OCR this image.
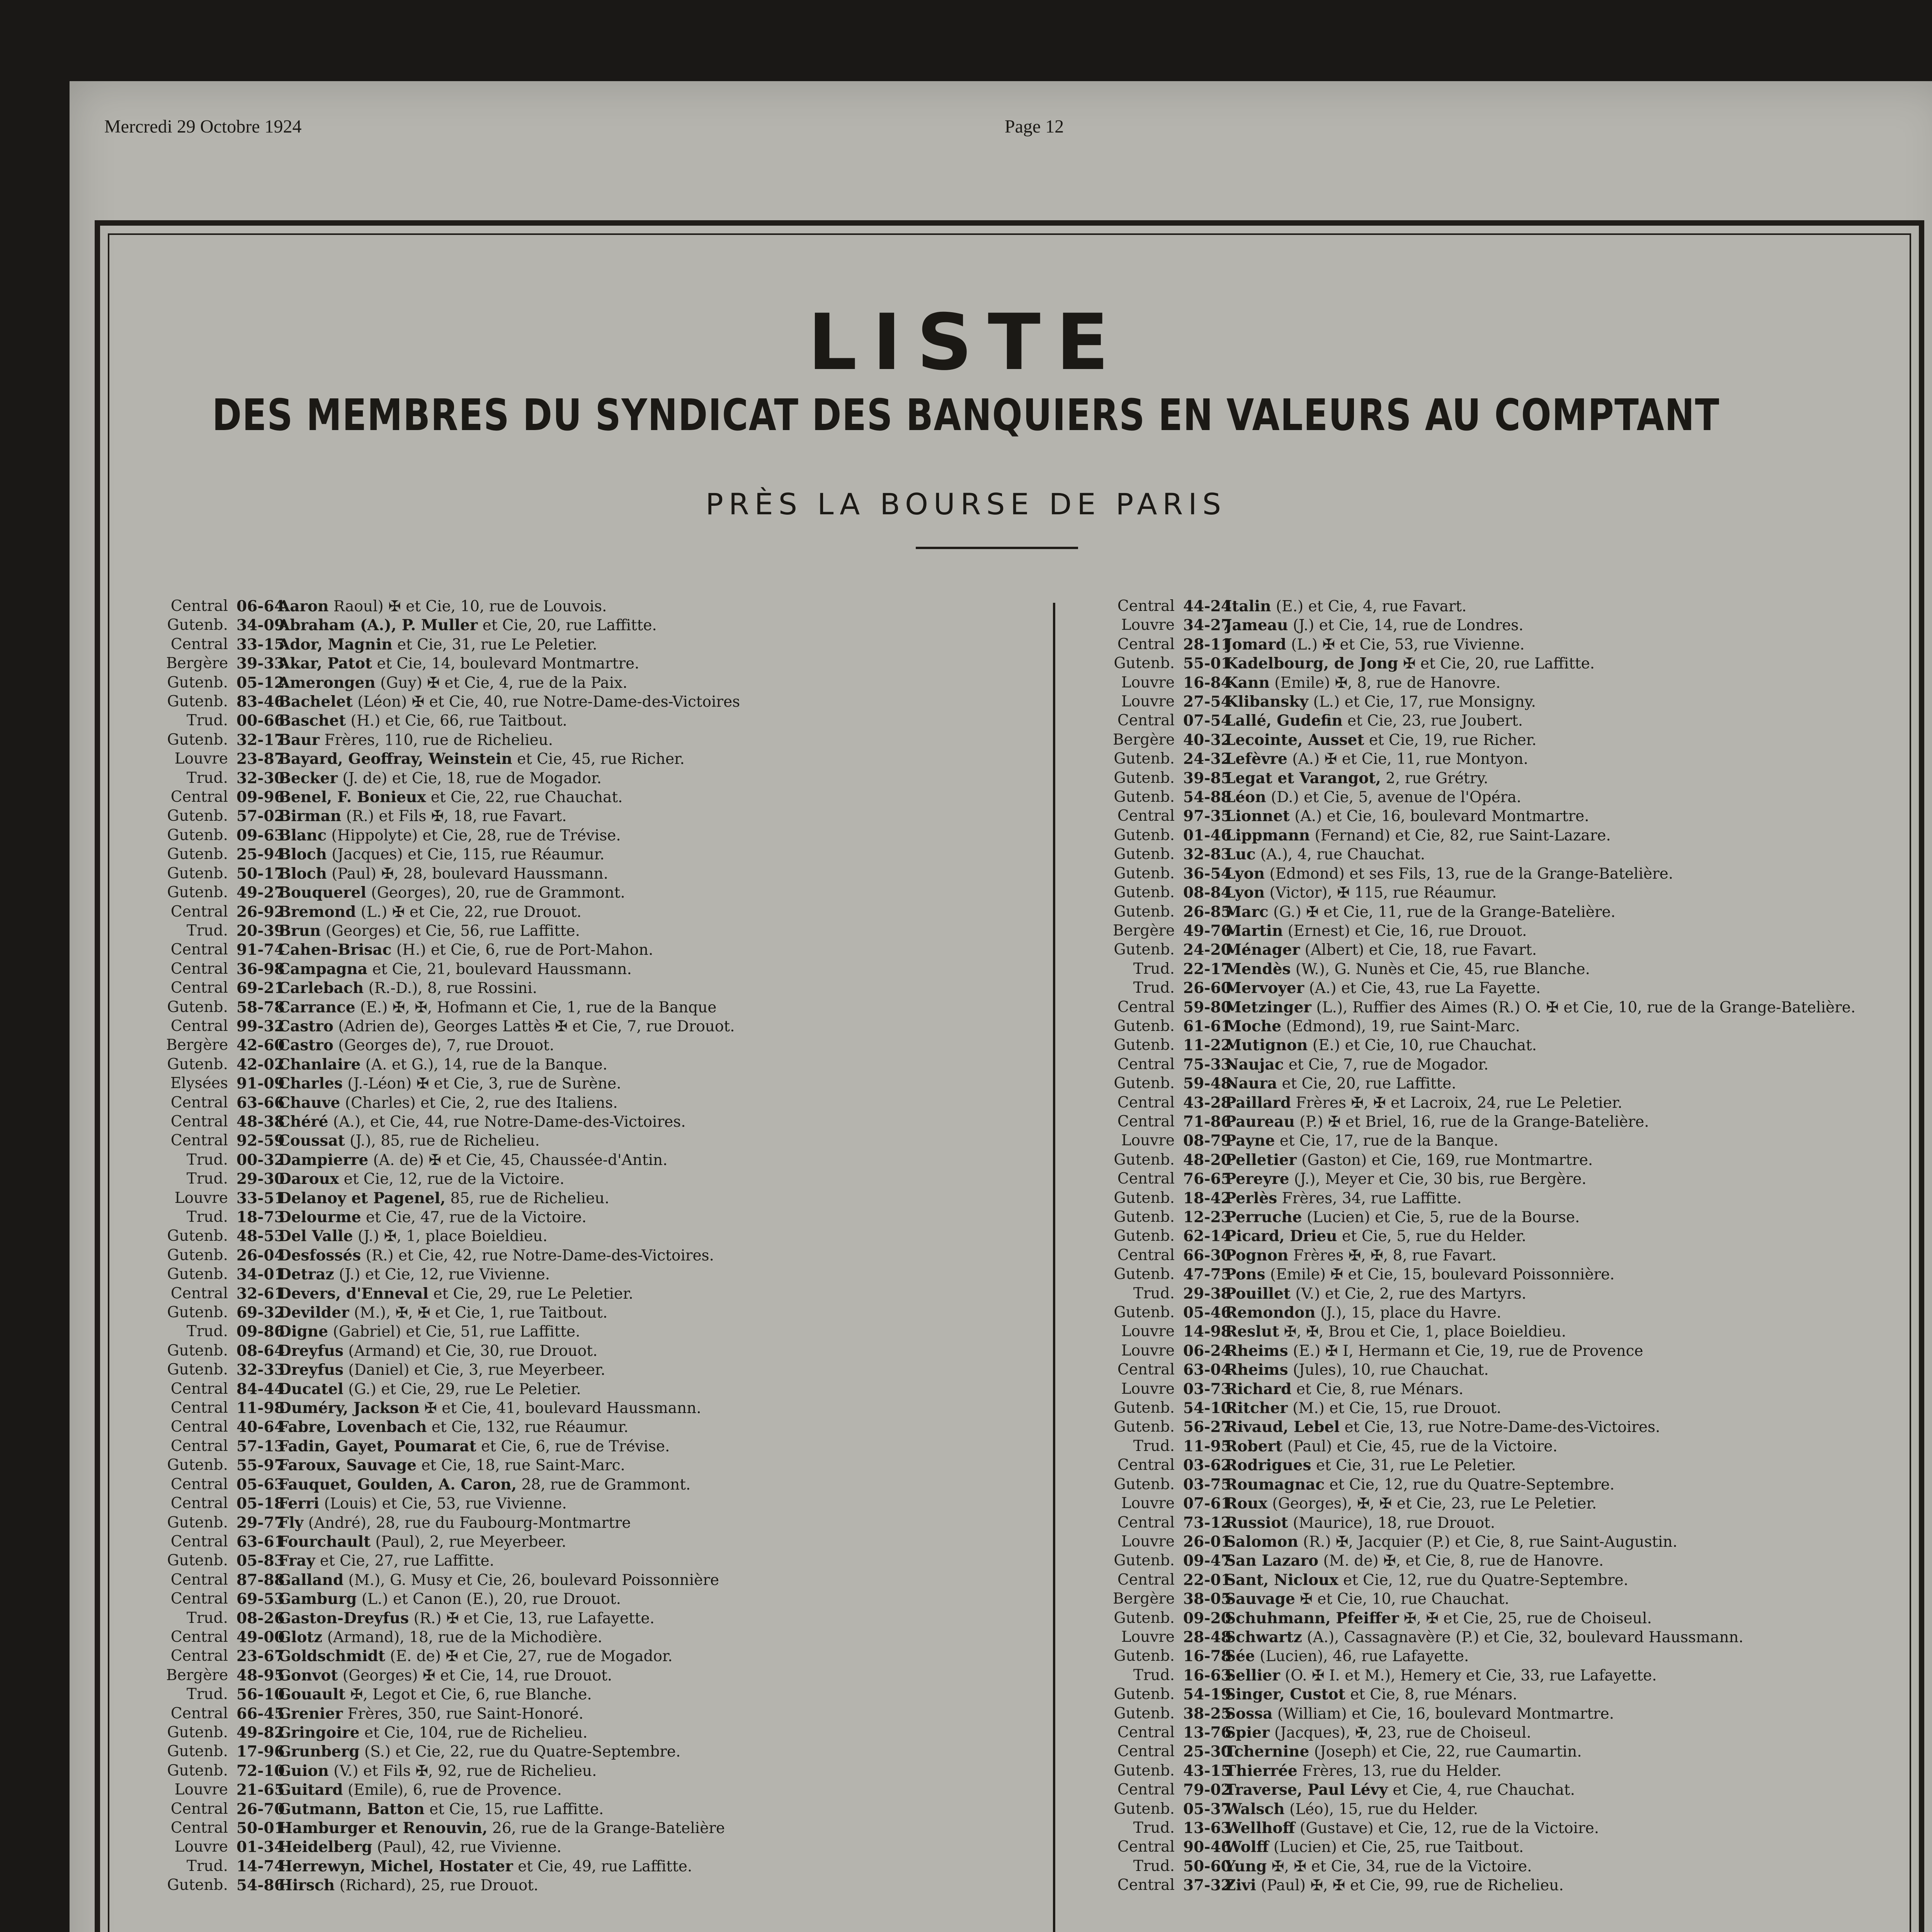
Mercredi 29 Octobre 1924	Page 12
LISTE
DES MEMBRES DU SYNDICAT DES BANQUIERS EN VALEURS AU COMPTANT
PRÈS LA BOURSE DE PARIS
Central 06-64
Aaron Raoul) ✠ et Cie, 10, rue de Louvois.
Gutenb. 34-09
Abraham (A.), P. Muller et Cie, 20, rue Laffitte.
Central 33-15
Ador, Magnin et Cie, 31, rue Le Peletier.
Bergère 39-33
Akar, Patot et Cie, 14, boulevard Montmartre.
Gutenb. 05-12
Amerongen (Guy) ✠ et Cie, 4, rue de la Paix.
Gutenb. 83-46
Bachelet (Léon) ✠ et Cie, 40, rue Notre-Dame-des-Victoires
Trud. 00-66
Baschet (H.) et Cie, 66, rue Taitbout.
Gutenb. 32-17
Baur Frères, 110, rue de Richelieu.
Louvre 23-87
Bayard, Geoffray, Weinstein et Cie, 45, rue Richer.
Trud. 32-30
Becker (J. de) et Cie, 18, rue de Mogador.
Central 09-96
Benel, F. Bonieux et Cie, 22, rue Chauchat.
Gutenb. 57-02
Birman (R.) et Fils ✠, 18, rue Favart.
Gutenb. 09-63
Blanc (Hippolyte) et Cie, 28, rue de Trévise.
Gutenb. 25-94
Bloch (Jacques) et Cie, 115, rue Réaumur.
Gutenb. 50-17
Bloch (Paul) ✠, 28, boulevard Haussmann.
Gutenb. 49-27
Bouquerel (Georges), 20, rue de Grammont.
Central 26-92
Bremond (L.) ✠ et Cie, 22, rue Drouot.
Trud. 20-39
Brun (Georges) et Cie, 56, rue Laffitte.
Central 91-74
Cahen-Brisac (H.) et Cie, 6, rue de Port-Mahon.
Central 36-98
Campagna et Cie, 21, boulevard Haussmann.
Central 69-21
Carlebach (R.-D.), 8, rue Rossini.
Gutenb. 58-78
Carrance (E.) ✠, ✠, Hofmann et Cie, 1, rue de la Banque
Central 99-32
Castro (Adrien de), Georges Lattès ✠ et Cie, 7, rue Drouot.
Bergère 42-60
Castro (Georges de), 7, rue Drouot.
Gutenb. 42-02
Chanlaire (A. et G.), 14, rue de la Banque.
Elysées 91-09
Charles (J.-Léon) ✠ et Cie, 3, rue de Surène.
Central 63-66
Chauve (Charles) et Cie, 2, rue des Italiens.
Central 48-38
Chéré (A.), et Cie, 44, rue Notre-Dame-des-Victoires.
Central 92-59
Coussat (J.), 85, rue de Richelieu.
Trud. 00-32
Dampierre (A. de) ✠ et Cie, 45, Chaussée-d'Antin.
Trud. 29-30
Daroux et Cie, 12, rue de la Victoire.
Louvre 33-51
Delanoy et Pagenel, 85, rue de Richelieu.
Trud. 18-73
Delourme et Cie, 47, rue de la Victoire.
Gutenb. 48-53
Del Valle (J.) ✠, 1, place Boieldieu.
Gutenb. 26-04
Desfossés (R.) et Cie, 42, rue Notre-Dame-des-Victoires.
Gutenb. 34-01
Detraz (J.) et Cie, 12, rue Vivienne.
Central 32-61
Devers, d'Enneval et Cie, 29, rue Le Peletier.
Gutenb. 69-32
Devilder (M.), ✠, ✠ et Cie, 1, rue Taitbout.
Trud. 09-86
Digne (Gabriel) et Cie, 51, rue Laffitte.
Gutenb. 08-64
Dreyfus (Armand) et Cie, 30, rue Drouot.
Gutenb. 32-33
Dreyfus (Daniel) et Cie, 3, rue Meyerbeer.
Central 84-44
Ducatel (G.) et Cie, 29, rue Le Peletier.
Central 11-98
Duméry, Jackson ✠ et Cie, 41, boulevard Haussmann.
Central 40-64
Fabre, Lovenbach et Cie, 132, rue Réaumur.
Central 57-13
Fadin, Gayet, Poumarat et Cie, 6, rue de Trévise.
Gutenb. 55-97
Faroux, Sauvage et Cie, 18, rue Saint-Marc.
Central 05-63
Fauquet, Goulden, A. Caron, 28, rue de Grammont.
Central 05-18
Ferri (Louis) et Cie, 53, rue Vivienne.
Gutenb. 29-77
Fly (André), 28, rue du Faubourg-Montmartre
Central 63-61
Fourchault (Paul), 2, rue Meyerbeer.
Gutenb. 05-83
Fray et Cie, 27, rue Laffitte.
Central 87-88
Galland (M.), G. Musy et Cie, 26, boulevard Poissonnière
Central 69-53
Gamburg (L.) et Canon (E.), 20, rue Drouot.
Trud. 08-26
Gaston-Dreyfus (R.) ✠ et Cie, 13, rue Lafayette.
Central 49-00
Glotz (Armand), 18, rue de la Michodière.
Central 23-67
Goldschmidt (E. de) ✠ et Cie, 27, rue de Mogador.
Bergère 48-95
Gonvot (Georges) ✠ et Cie, 14, rue Drouot.
Trud. 56-10
Gouault ✠, Legot et Cie, 6, rue Blanche.
Central 66-45
Grenier Frères, 350, rue Saint-Honoré.
Gutenb. 49-82
Gringoire et Cie, 104, rue de Richelieu.
Gutenb. 17-96
Grunberg (S.) et Cie, 22, rue du Quatre-Septembre.
Gutenb. 72-10
Guion (V.) et Fils ✠, 92, rue de Richelieu.
Louvre 21-65
Guitard (Emile), 6, rue de Provence.
Central 26-70
Gutmann, Batton et Cie, 15, rue Laffitte.
Central 50-01
Hamburger et Renouvin, 26, rue de la Grange-Batelière
Louvre 01-34
Heidelberg (Paul), 42, rue Vivienne.
Trud. 14-74
Herrewyn, Michel, Hostater et Cie, 49, rue Laffitte.
Gutenb. 54-86
Hirsch (Richard), 25, rue Drouot.
Central 44-24
Italin (E.) et Cie, 4, rue Favart.
Louvre 34-27
Jameau (J.) et Cie, 14, rue de Londres.
Central 28-11
Jomard (L.) ✠ et Cie, 53, rue Vivienne.
Gutenb. 55-01
Kadelbourg, de Jong ✠ et Cie, 20, rue Laffitte.
Louvre 16-84
Kann (Emile) ✠, 8, rue de Hanovre.
Louvre 27-54
Klibansky (L.) et Cie, 17, rue Monsigny.
Central 07-54
Lallé, Gudefin et Cie, 23, rue Joubert.
Bergère 40-32
Lecointe, Ausset et Cie, 19, rue Richer.
Gutenb. 24-32
Lefèvre (A.) ✠ et Cie, 11, rue Montyon.
Gutenb. 39-85
Legat et Varangot, 2, rue Grétry.
Gutenb. 54-88
Léon (D.) et Cie, 5, avenue de l'Opéra.
Central 97-35
Lionnet (A.) et Cie, 16, boulevard Montmartre.
Gutenb. 01-46
Lippmann (Fernand) et Cie, 82, rue Saint-Lazare.
Gutenb. 32-83
Luc (A.), 4, rue Chauchat.
Gutenb. 36-54
Lyon (Edmond) et ses Fils, 13, rue de la Grange-Batelière.
Gutenb. 08-84
Lyon (Victor), ✠ 115, rue Réaumur.
Gutenb. 26-85
Marc (G.) ✠ et Cie, 11, rue de la Grange-Batelière.
Bergère 49-76
Martin (Ernest) et Cie, 16, rue Drouot.
Gutenb. 24-20
Ménager (Albert) et Cie, 18, rue Favart.
Trud. 22-17
Mendès (W.), G. Nunès et Cie, 45, rue Blanche.
Trud. 26-60
Mervoyer (A.) et Cie, 43, rue La Fayette.
Central 59-80
Metzinger (L.), Ruffier des Aimes (R.) O. ✠ et Cie, 10, rue de la Grange-Batelière.
Gutenb. 61-61
Moche (Edmond), 19, rue Saint-Marc.
Gutenb. 11-22
Mutignon (E.) et Cie, 10, rue Chauchat.
Central 75-33
Naujac et Cie, 7, rue de Mogador.
Gutenb. 59-48
Naura et Cie, 20, rue Laffitte.
Central 43-28
Paillard Frères ✠, ✠ et Lacroix, 24, rue Le Peletier.
Central 71-86
Paureau (P.) ✠ et Briel, 16, rue de la Grange-Batelière.
Louvre 08-79
Payne et Cie, 17, rue de la Banque.
Gutenb. 48-20
Pelletier (Gaston) et Cie, 169, rue Montmartre.
Central 76-65
Pereyre (J.), Meyer et Cie, 30 bis, rue Bergère.
Gutenb. 18-42
Perlès Frères, 34, rue Laffitte.
Gutenb. 12-23
Perruche (Lucien) et Cie, 5, rue de la Bourse.
Gutenb. 62-14
Picard, Drieu et Cie, 5, rue du Helder.
Central 66-30
Pognon Frères ✠, ✠, 8, rue Favart.
Gutenb. 47-75
Pons (Emile) ✠ et Cie, 15, boulevard Poissonnière.
Trud. 29-38
Pouillet (V.) et Cie, 2, rue des Martyrs.
Gutenb. 05-46
Remondon (J.), 15, place du Havre.
Louvre 14-98
Reslut ✠, ✠, Brou et Cie, 1, place Boieldieu.
Louvre 06-24
Rheims (E.) ✠ I, Hermann et Cie, 19, rue de Provence
Central 63-04
Rheims (Jules), 10, rue Chauchat.
Louvre 03-73
Richard et Cie, 8, rue Ménars.
Gutenb. 54-10
Ritcher (M.) et Cie, 15, rue Drouot.
Gutenb. 56-27
Rivaud, Lebel et Cie, 13, rue Notre-Dame-des-Victoires.
Trud. 11-95
Robert (Paul) et Cie, 45, rue de la Victoire.
Central 03-62
Rodrigues et Cie, 31, rue Le Peletier.
Gutenb. 03-75
Roumagnac et Cie, 12, rue du Quatre-Septembre.
Louvre 07-61
Roux (Georges), ✠, ✠ et Cie, 23, rue Le Peletier.
Central 73-12
Russiot (Maurice), 18, rue Drouot.
Louvre 26-01
Salomon (R.) ✠, Jacquier (P.) et Cie, 8, rue Saint-Augustin.
Gutenb. 09-47
San Lazaro (M. de) ✠, et Cie, 8, rue de Hanovre.
Central 22-01
Sant, Nicloux et Cie, 12, rue du Quatre-Septembre.
Bergère 38-05
Sauvage ✠ et Cie, 10, rue Chauchat.
Gutenb. 09-20
Schuhmann, Pfeiffer ✠, ✠ et Cie, 25, rue de Choiseul.
Louvre 28-48
Schwartz (A.), Cassagnavère (P.) et Cie, 32, boulevard Haussmann.
Gutenb. 16-78
Sée (Lucien), 46, rue Lafayette.
Trud. 16-63
Sellier (O. ✠ I. et M.), Hemery et Cie, 33, rue Lafayette.
Gutenb. 54-19
Singer, Custot et Cie, 8, rue Ménars.
Gutenb. 38-25
Sossa (William) et Cie, 16, boulevard Montmartre.
Central 13-76
Spier (Jacques), ✠, 23, rue de Choiseul.
Central 25-30
Tchernine (Joseph) et Cie, 22, rue Caumartin.
Gutenb. 43-15
Thierrée Frères, 13, rue du Helder.
Central 79-02
Traverse, Paul Lévy et Cie, 4, rue Chauchat.
Gutenb. 05-37
Walsch (Léo), 15, rue du Helder.
Trud. 13-63
Wellhoff (Gustave) et Cie, 12, rue de la Victoire.
Central 90-46
Wolff (Lucien) et Cie, 25, rue Taitbout.
Trud. 50-60
Yung ✠, ✠ et Cie, 34, rue de la Victoire.
Central 37-32
Zivi (Paul) ✠, ✠ et Cie, 99, rue de Richelieu.
